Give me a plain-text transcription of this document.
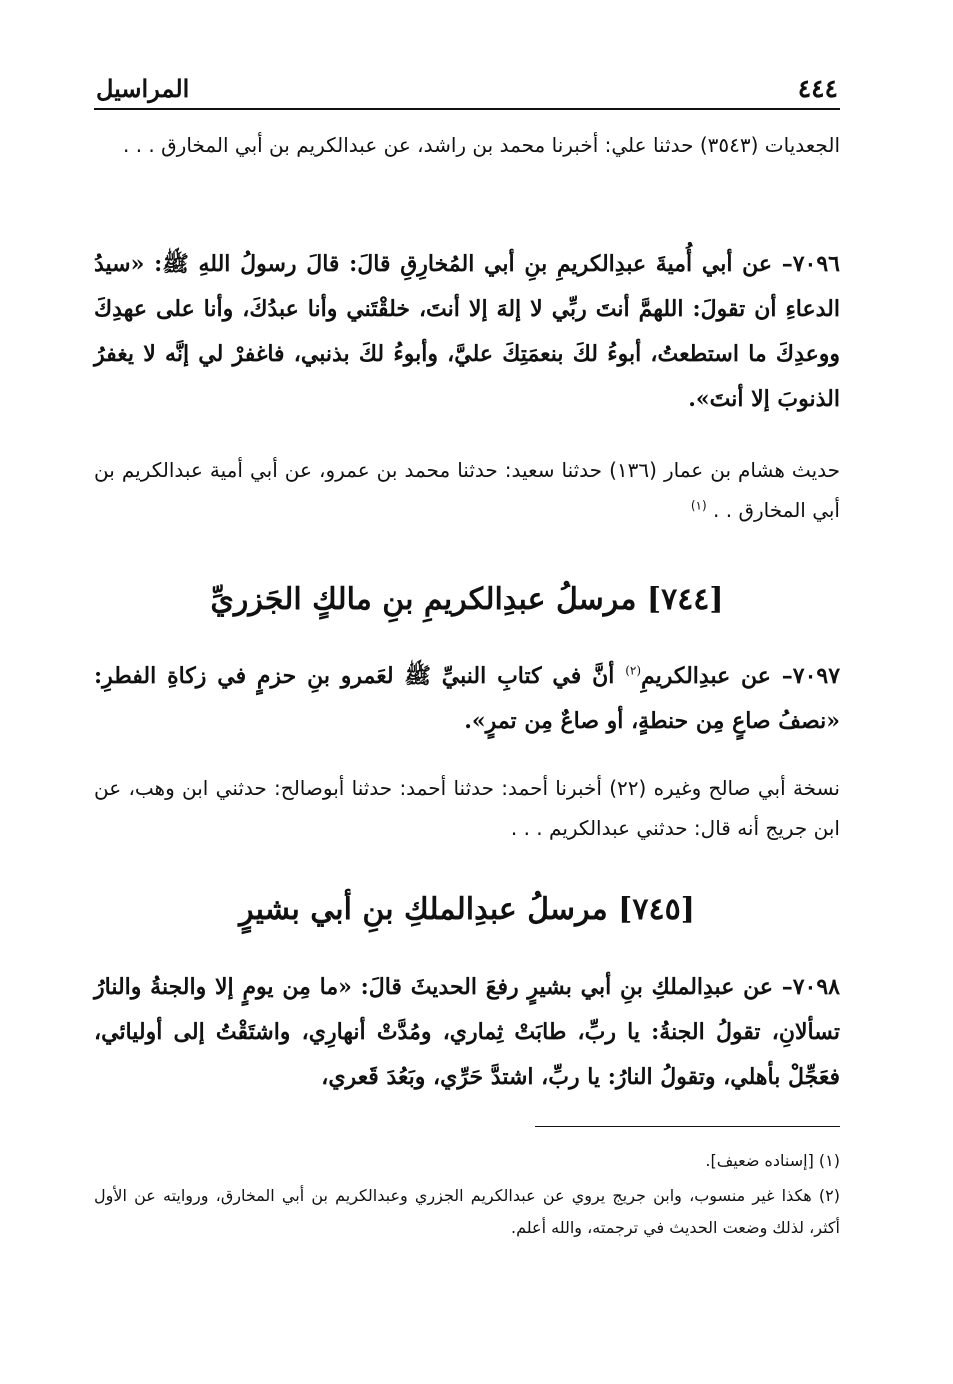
٤٤٤
المراسيل
الجعديات (٣٥٤٣) حدثنا علي: أخبرنا محمد بن راشد، عن عبدالكريم بن أبي المخارق . . .
٧٠٩٦– عن أبي أُميةَ عبدِالكريمِ بنِ أبي المُخارِقِ قالَ: قالَ رسولُ اللهِ ﷺ: «سيدُ الدعاءِ أن تقولَ: اللهمَّ أنتَ ربِّي لا إلهَ إلا أنتَ، خلقْتَني وأنا عبدُكَ، وأنا على عهدِكَ ووعدِكَ ما استطعتُ، أبوءُ لكَ بنعمَتِكَ عليَّ، وأبوءُ لكَ بذنبي، فاغفرْ لي إنَّه لا يغفرُ الذنوبَ إلا أنتَ».
حديث هشام بن عمار (١٣٦) حدثنا سعيد: حدثنا محمد بن عمرو، عن أبي أمية عبدالكريم بن أبي المخارق . . $^{(١)}$
[٧٤٤] مرسلُ عبدِالكريمِ بنِ مالكٍ الجَزريِّ
٧٠٩٧– عن عبدِالكريمِ$^{(٢)}$ أنَّ في كتابِ النبيِّ ﷺ لعَمرو بنِ حزمٍ في زكاةِ الفطرِ: «نصفُ صاعٍ مِن حنطةٍ، أو صاعٌ مِن تمرٍ».
نسخة أبي صالح وغيره (٢٢) أخبرنا أحمد: حدثنا أحمد: حدثنا أبوصالح: حدثني ابن وهب، عن ابن جريج أنه قال: حدثني عبدالكريم . . .
[٧٤٥] مرسلُ عبدِالملكِ بنِ أبي بشيرٍ
٧٠٩٨– عن عبدِالملكِ بنِ أبي بشيرٍ رفعَ الحديثَ قالَ: «ما مِن يومٍ إلا والجنةُ والنارُ تسألانِ، تقولُ الجنةُ: يا ربِّ، طابَتْ ثِماري، ومُدَّتْ أنهارِي، واشتَقْتُ إلى أوليائي، فعَجِّلْ بأهلي، وتقولُ النارُ: يا ربِّ، اشتدَّ حَرِّي، وبَعُدَ قَعري،
(١) [إسناده ضعيف].
(٢) هكذا غير منسوب، وابن جريج يروي عن عبدالكريم الجزري وعبدالكريم بن أبي المخارق، وروايته عن الأول أكثر، لذلك وضعت الحديث في ترجمته، والله أعلم.
